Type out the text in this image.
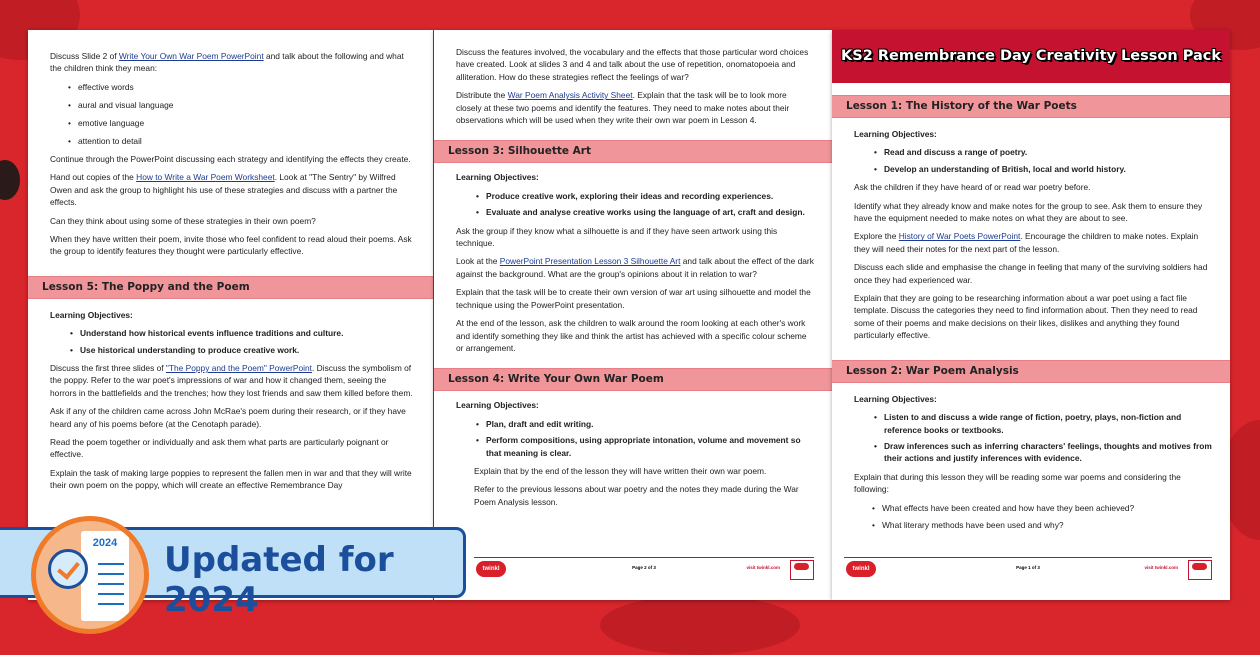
Discuss Slide 2 of Write Your Own War Poem PowerPoint and talk about the following and what the children think they mean:

• effective words
• aural and visual language
• emotive language
• attention to detail

Continue through the PowerPoint discussing each strategy and identifying the effects they create.

Hand out copies of the How to Write a War Poem Worksheet. Look at "The Sentry" by Wilfred Owen and ask the group to highlight his use of these strategies and discuss with a partner the effects.

Can they think about using some of these strategies in their own poem?

When they have written their poem, invite those who feel confident to read aloud their poems. Ask the group to identify features they thought were particularly effective.

Lesson 5: The Poppy and the Poem
Learning Objectives:
• Understand how historical events influence traditions and culture.
• Use historical understanding to produce creative work.

Discuss the first three slides of "The Poppy and the Poem" PowerPoint. Discuss the symbolism of the poppy. Refer to the war poet's impressions of war and how it changed them, seeing the horrors in the battlefields and the trenches; how they lost friends and saw them killed before them.

Ask if any of the children came across John McRae's poem during their research, or if they have heard any of his poems before (at the Cenotaph parade).

Read the poem together or individually and ask them what parts are particularly poignant or effective.

Explain the task of making large poppies to represent the fallen men in war and that they will write their own poem on the poppy, which will create an effective Remembrance Day

Discuss the features involved, the vocabulary and the effects that those particular word choices have created. Look at slides 3 and 4 and talk about the use of repetition, onomatopoeia and alliteration. How do these strategies reflect the feelings of war?

Distribute the War Poem Analysis Activity Sheet. Explain that the task will be to look more closely at these two poems and identify the features. They need to make notes about their observations which will be used when they write their own war poem in Lesson 4.

Lesson 3: Silhouette Art
Learning Objectives:
• Produce creative work, exploring their ideas and recording experiences.
• Evaluate and analyse creative works using the language of art, craft and design.

Ask the group if they know what a silhouette is and if they have seen artwork using this technique.

Look at the PowerPoint Presentation Lesson 3 Silhouette Art and talk about the effect of the dark against the background. What are the group's opinions about it in relation to war?

Explain that the task will be to create their own version of war art using silhouette and model the technique using the PowerPoint presentation.

At the end of the lesson, ask the children to walk around the room looking at each other's work and identify something they like and think the artist has achieved with a specific colour scheme or arrangement.

Lesson 4: Write Your Own War Poem
Learning Objectives:
• Plan, draft and edit writing.
• Perform compositions, using appropriate intonation, volume and movement so that meaning is clear.

Explain that by the end of the lesson they will have written their own war poem.

Refer to the previous lessons about war poetry and the notes they made during the War Poem Analysis lesson.

twinkl	Page 2 of 3	visit twinkl.com
KS2 Remembrance Day Creativity Lesson Pack
Lesson 1: The History of the War Poets
Learning Objectives:
• Read and discuss a range of poetry.
• Develop an understanding of British, local and world history.

Ask the children if they have heard of or read war poetry before.

Identify what they already know and make notes for the group to see. Ask them to ensure they have the equipment needed to make notes on what they are about to see.

Explore the History of War Poets PowerPoint. Encourage the children to make notes. Explain they will need their notes for the next part of the lesson.

Discuss each slide and emphasise the change in feeling that many of the surviving soldiers had once they had experienced war.

Explain that they are going to be researching information about a war poet using a fact file template. Discuss the categories they need to find information about. Then they need to read some of their poems and make decisions on their likes, dislikes and anything they found particularly effective.

Lesson 2: War Poem Analysis
Learning Objectives:
• Listen to and discuss a wide range of fiction, poetry, plays, non-fiction and reference books or textbooks.
• Draw inferences such as inferring characters' feelings, thoughts and motives from their actions and justify inferences with evidence.

Explain that during this lesson they will be reading some war poems and considering the following:

• What effects have been created and how have they been achieved?
• What literary methods have been used and why?
twinkl	Page 1 of 3	visit twinkl.com
Updated for 2024
2024
